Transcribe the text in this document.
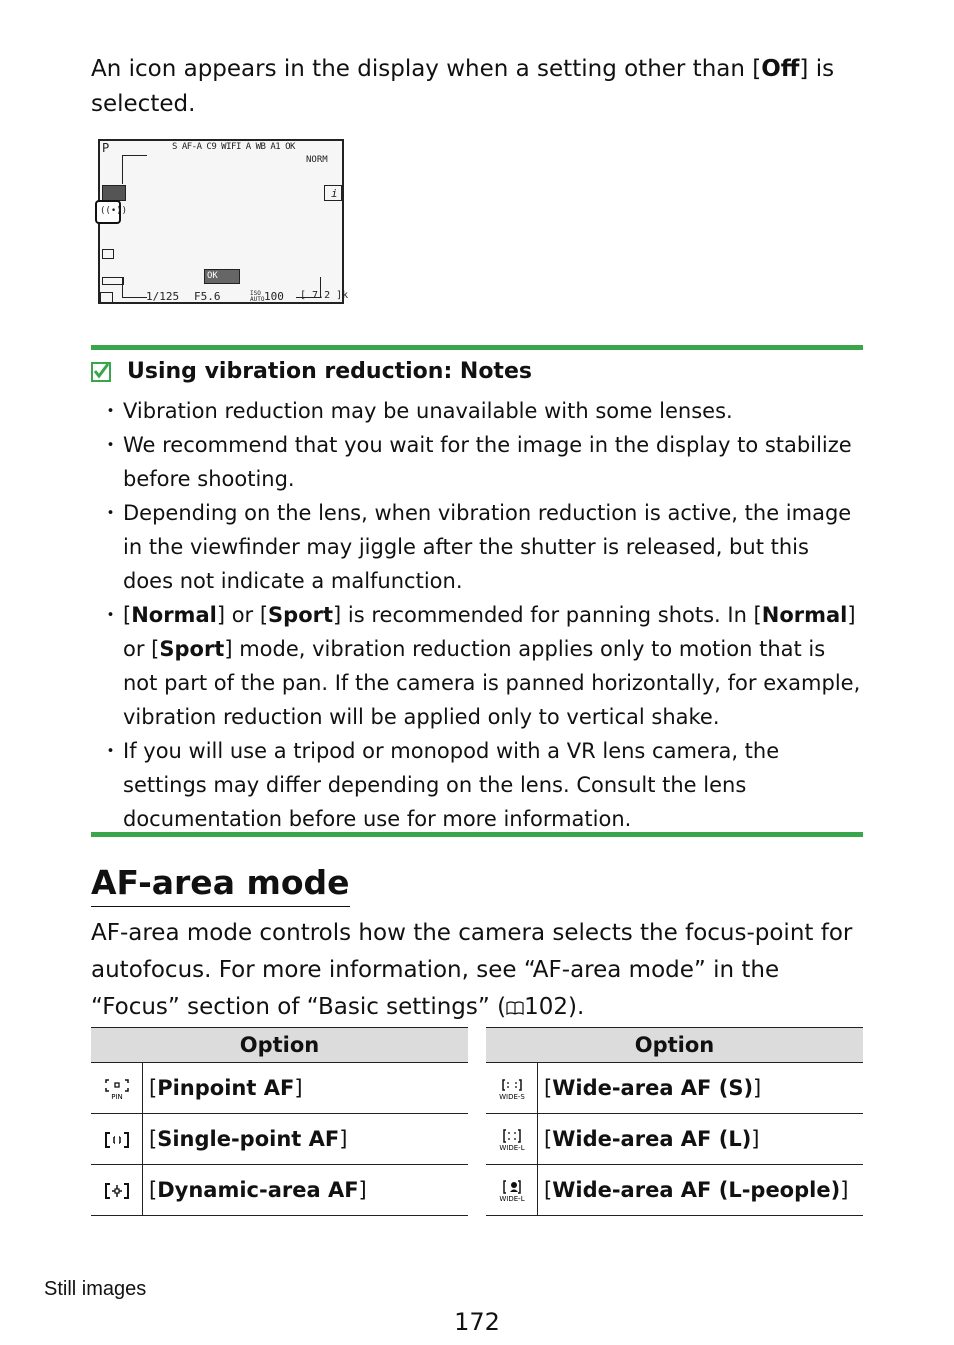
An icon appears in the display when a setting other than [Off] is selected.
P	S AF-A C9 WIFI A WB A1 OK
NORM
i
((•))
OK
1/125 F5.6	ISO AUTO 100 [ 7.2 ]k
Using vibration reduction: Notes
・ Vibration reduction may be unavailable with some lenses.
・ We recommend that you wait for the image in the display to stabilize before shooting.
・ Depending on the lens, when vibration reduction is active, the image in the viewfinder may jiggle after the shutter is released, but this does not indicate a malfunction.
・ [Normal] or [Sport] is recommended for panning shots. In [Normal] or [Sport] mode, vibration reduction applies only to motion that is not part of the pan. If the camera is panned horizontally, for example, vibration reduction will be applied only to vertical shake.
・ If you will use a tripod or monopod with a VR lens camera, the settings may differ depending on the lens. Consult the lens documentation before use for more information.
AF-area mode
AF-area mode controls how the camera selects the focus-point for autofocus. For more information, see “AF-area mode” in the “Focus” section of “Basic settings” ( 102).
Option	

PIN	[Pinpoint AF]
	[Single-point AF]
	[Dynamic-area AF]
Option	

WIDE-S	[Wide-area AF (S)]

WIDE-L	[Wide-area AF (L)]

WIDE-L	[Wide-area AF (L-people)]
Still images
172
